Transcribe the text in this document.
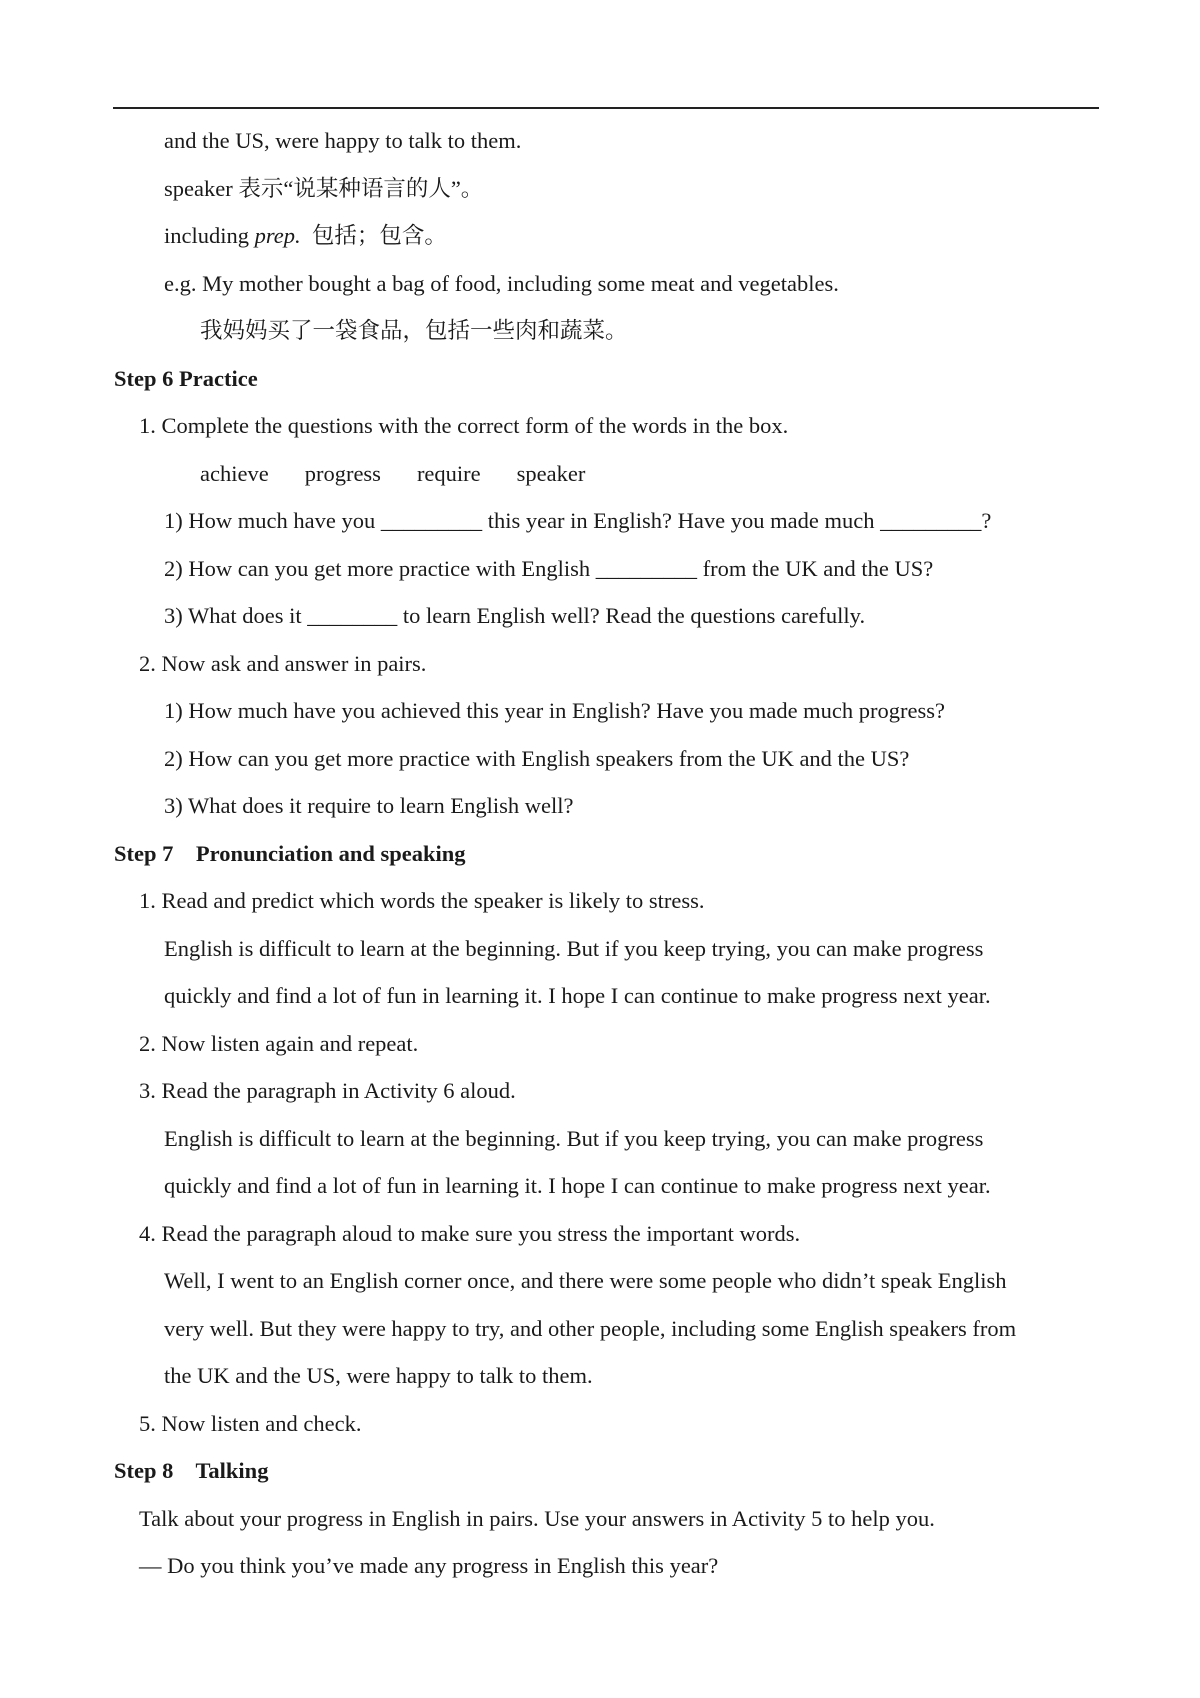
and the US, were happy to talk to them.
speaker 表示“说某种语言的人”。
including prep.  包括；包含。
e.g. My mother bought a bag of food, including some meat and vegetables.
我妈妈买了一袋食品，包括一些肉和蔬菜。
Step 6 Practice
1. Complete the questions with the correct form of the words in the box.
achieve progress require speaker
1) How much have you _________ this year in English? Have you made much _________?
2) How can you get more practice with English _________ from the UK and the US?
3) What does it ________ to learn English well? Read the questions carefully.
2. Now ask and answer in pairs.
1) How much have you achieved this year in English? Have you made much progress?
2) How can you get more practice with English speakers from the UK and the US?
3) What does it require to learn English well?
Step 7    Pronunciation and speaking
1. Read and predict which words the speaker is likely to stress.
English is difficult to learn at the beginning. But if you keep trying, you can make progress
quickly and find a lot of fun in learning it. I hope I can continue to make progress next year.
2. Now listen again and repeat.
3. Read the paragraph in Activity 6 aloud.
English is difficult to learn at the beginning. But if you keep trying, you can make progress
quickly and find a lot of fun in learning it. I hope I can continue to make progress next year.
4. Read the paragraph aloud to make sure you stress the important words.
Well, I went to an English corner once, and there were some people who didn’t speak English
very well. But they were happy to try, and other people, including some English speakers from
the UK and the US, were happy to talk to them.
5. Now listen and check.
Step 8    Talking
Talk about your progress in English in pairs. Use your answers in Activity 5 to help you.
— Do you think you’ve made any progress in English this year?
